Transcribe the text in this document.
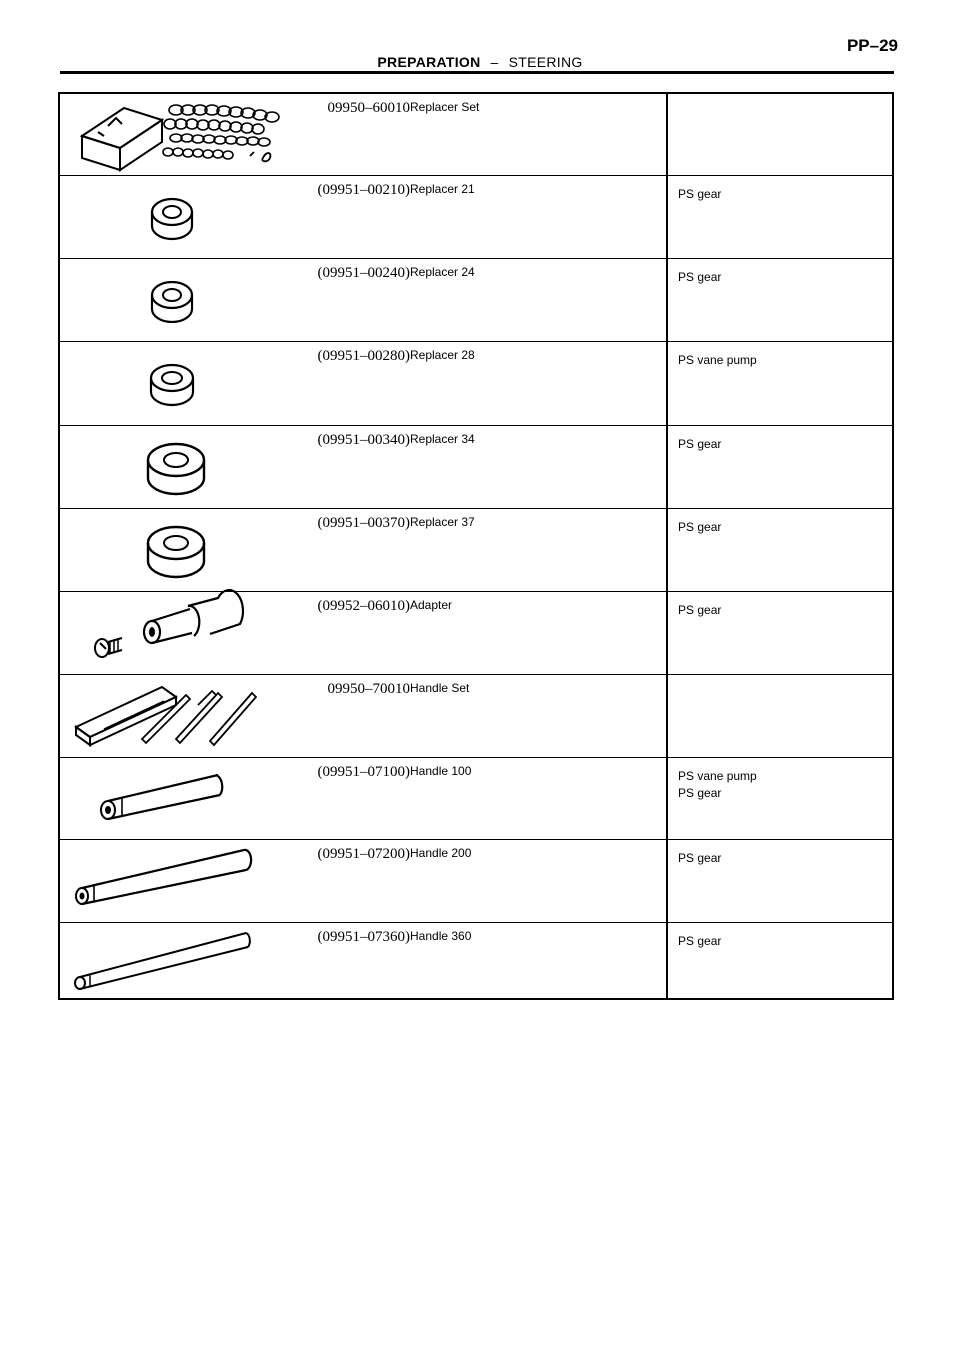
PREPARATION – STEERING
PP–29
09950–60010 Replacer Set
(09951–00210) Replacer 21	PS gear
(09951–00240) Replacer 24	PS gear
(09951–00280) Replacer 28	PS vane pump
(09951–00340) Replacer 34	PS gear
(09951–00370) Replacer 37	PS gear
(09952–06010) Adapter	PS gear
09950–70010 Handle Set
(09951–07100) Handle 100	PS vane pump
PS gear
(09951–07200) Handle 200	PS gear
(09951–07360) Handle 360	PS gear
